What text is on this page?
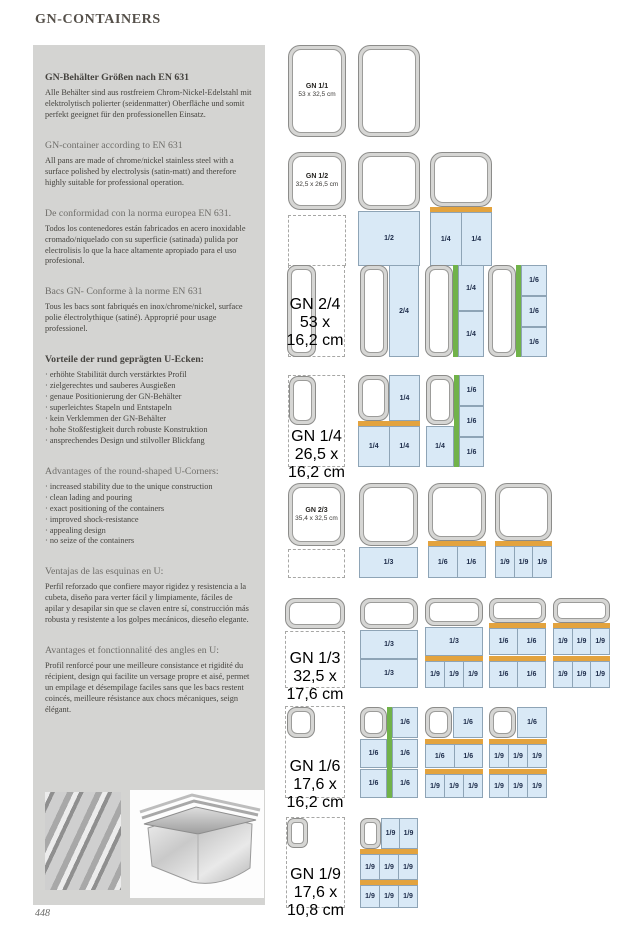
GN-CONTAINERS
GN-Behälter Größen nach EN 631

Alle Behälter sind aus rostfreiem Chrom-Nickel-Edelstahl mit elektrolytisch polierter (seidenmatter) Oberfläche und somit perfekt geeignet für den professionellen Einsatz.

GN-container according to EN 631

All pans are made of chrome/nickel stainless steel with a surface polished by electrolysis (satin-matt) and therefore highly suitable for professional operation.

De conformidad con la norma europea EN 631.

Todos los contenedores están fabricados en acero inoxidable cromado/niquelado con su superficie (satinada) pulida por electrolisis lo que la hace altamente apropiado para el uso profesional.

Bacs GN- Conforme à la norme EN 631

Tous les bacs sont fabriqués en inox/chrome/nickel, surface polie électrolythique (satiné). Approprié pour usage professionel.

Vorteile der rund geprägten U-Ecken:
· erhöhte Stabilität durch verstärktes Profil
· zielgerechtes und sauberes Ausgießen
· genaue Positionierung der GN-Behälter
· superleichtes Stapeln und Entstapeln
· kein Verklemmen der GN-Behälter
· hohe Stoßfestigkeit durch robuste Konstruktion
· ansprechendes Design und stilvoller Blickfang
Advantages of the round-shaped U-Corners:
· increased stability due to the unique construction
· clean lading and pouring
· exact positioning of the containers
· improved shock-resistance
· appealing design
· no seize of the containers
Ventajas de las esquinas en U:

Perfil reforzado que confiere mayor rigidez y resistencia a la cubeta, diseño para verter fácil y limpiamente, fáciles de apilar y desapilar sin que se claven entre sí, construcción más robusta y resistente a los golpes mecánicos, dieseño elegante.

Avantages et fonctionnalité des angles en U:

Profil renforcé pour une meilleure consistance et rigidité du récipient, design qui facilite un versage propre et aisé, permet un empilage et désempilage faciles sans que les bacs restent coincés, meilleure résistance aux chocs mécaniques, seign élégant.

GN 1/1
53 x 32,5 cm
GN 1/2
32,5 x 26,5 cm
1/2	1/4	1/4
GN 2/4
53 x 16,2 cm
2/4
1/4
1/4
1/6
1/6
1/6
GN 1/4
26,5 x 16,2 cm
1/4
1/4	1/4	1/4
1/6
1/6
1/6
GN 2/3
35,4 x 32,5 cm
1/3	1/6	1/6	1/9	1/9	1/9
GN 1/3
32,5 x 17,6 cm
1/3
1/3
1/3
1/9	1/9	1/9
1/6	1/6
1/6	1/6
1/9	1/9	1/9
1/9	1/9	1/9
GN 1/6
17,6 x 16,2 cm
1/6
1/6
1/6
1/6
1/6
1/6
1/6	1/6
1/9	1/9	1/9
1/6
1/9	1/9	1/9
1/9	1/9	1/9
GN 1/9
17,6 x 10,8 cm
1/9	1/9
1/9	1/9	1/9
1/9	1/9	1/9
448
